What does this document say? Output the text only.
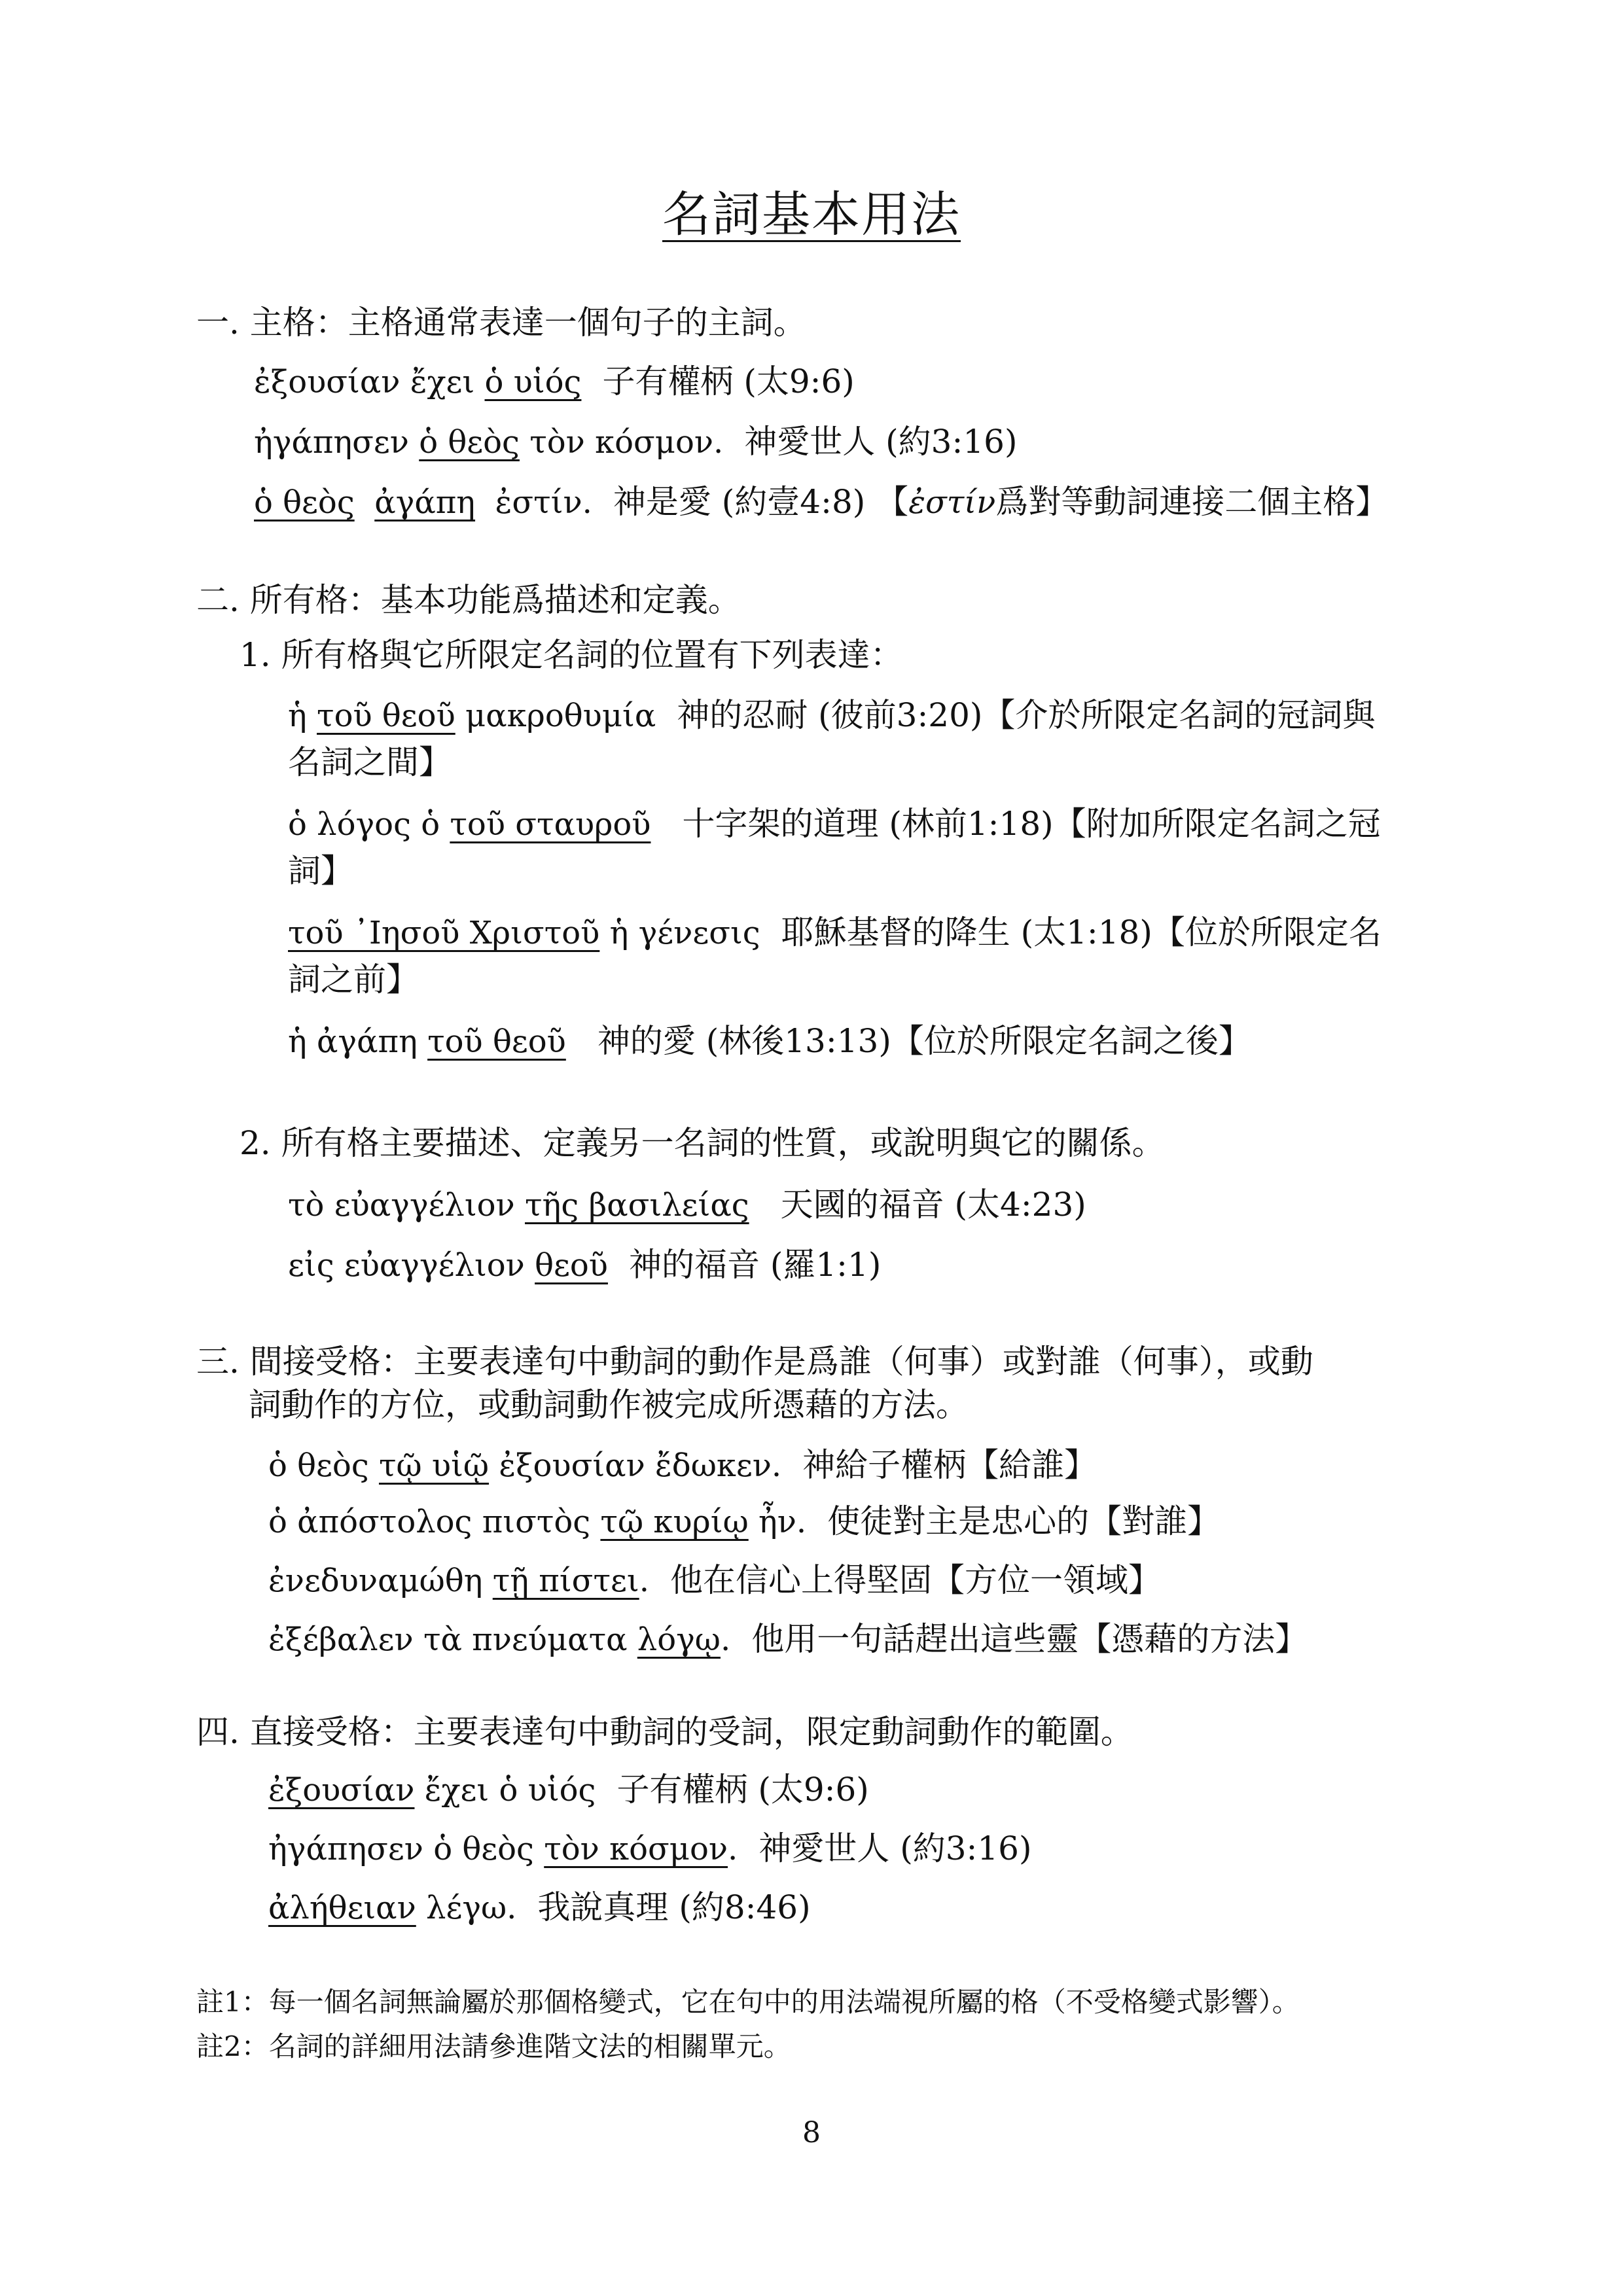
名詞基本用法
一. 主格：主格通常表達一個句子的主詞。
ἐξουσίαν ἔχει ὁ υἱός 子有權柄 (太9:6)
ἠγάπησεν ὁ θεὸς τὸν κόσμον. 神愛世人 (約3:16)
ὁ θεὸς ἀγάπη  ἐστίν. 神是愛 (約壹4:8) 【ἐστίν爲對等動詞連接二個主格】
二. 所有格：基本功能爲描述和定義。
1. 所有格與它所限定名詞的位置有下列表達：
ἡ τοῦ θεοῦ μακροθυμία 神的忍耐 (彼前3:20)【介於所限定名詞的冠詞與
名詞之間】
ὁ λόγος ὁ τοῦ σταυροῦ 十字架的道理 (林前1:18)【附加所限定名詞之冠
詞】
τοῦ ᾿Ιησοῦ Χριστοῦ ἡ γένεσις 耶穌基督的降生 (太1:18)【位於所限定名
詞之前】
ἡ ἀγάπη τοῦ θεοῦ 神的愛 (林後13:13)【位於所限定名詞之後】
2. 所有格主要描述、定義另一名詞的性質，或說明與它的關係。
τὸ εὐαγγέλιον τῆς βασιλείας 天國的福音 (太4:23)
εἰς εὐαγγέλιον θεοῦ 神的福音 (羅1:1)
三. 間接受格：主要表達句中動詞的動作是爲誰（何事）或對誰（何事），或動
詞動作的方位，或動詞動作被完成所憑藉的方法。
ὁ θεὸς τῷ υἱῷ ἐξουσίαν ἔδωκεν. 神給子權柄【給誰】
ὁ ἀπόστολος πιστὸς τῷ κυρίῳ ἦν. 使徒對主是忠心的【對誰】
ἐνεδυναμώθη τῇ πίστει. 他在信心上得堅固【方位一領域】
ἐξέβαλεν τὰ πνεύματα λόγῳ. 他用一句話趕出這些靈【憑藉的方法】
四. 直接受格：主要表達句中動詞的受詞，限定動詞動作的範圍。
ἐξουσίαν ἔχει ὁ υἱός 子有權柄 (太9:6)
ἠγάπησεν ὁ θεὸς τὸν κόσμον. 神愛世人 (約3:16)
ἀλήθειαν λέγω. 我說真理 (約8:46)
註1：每一個名詞無論屬於那個格變式，它在句中的用法端視所屬的格（不受格變式影響）。
註2：名詞的詳細用法請參進階文法的相關單元。
8
